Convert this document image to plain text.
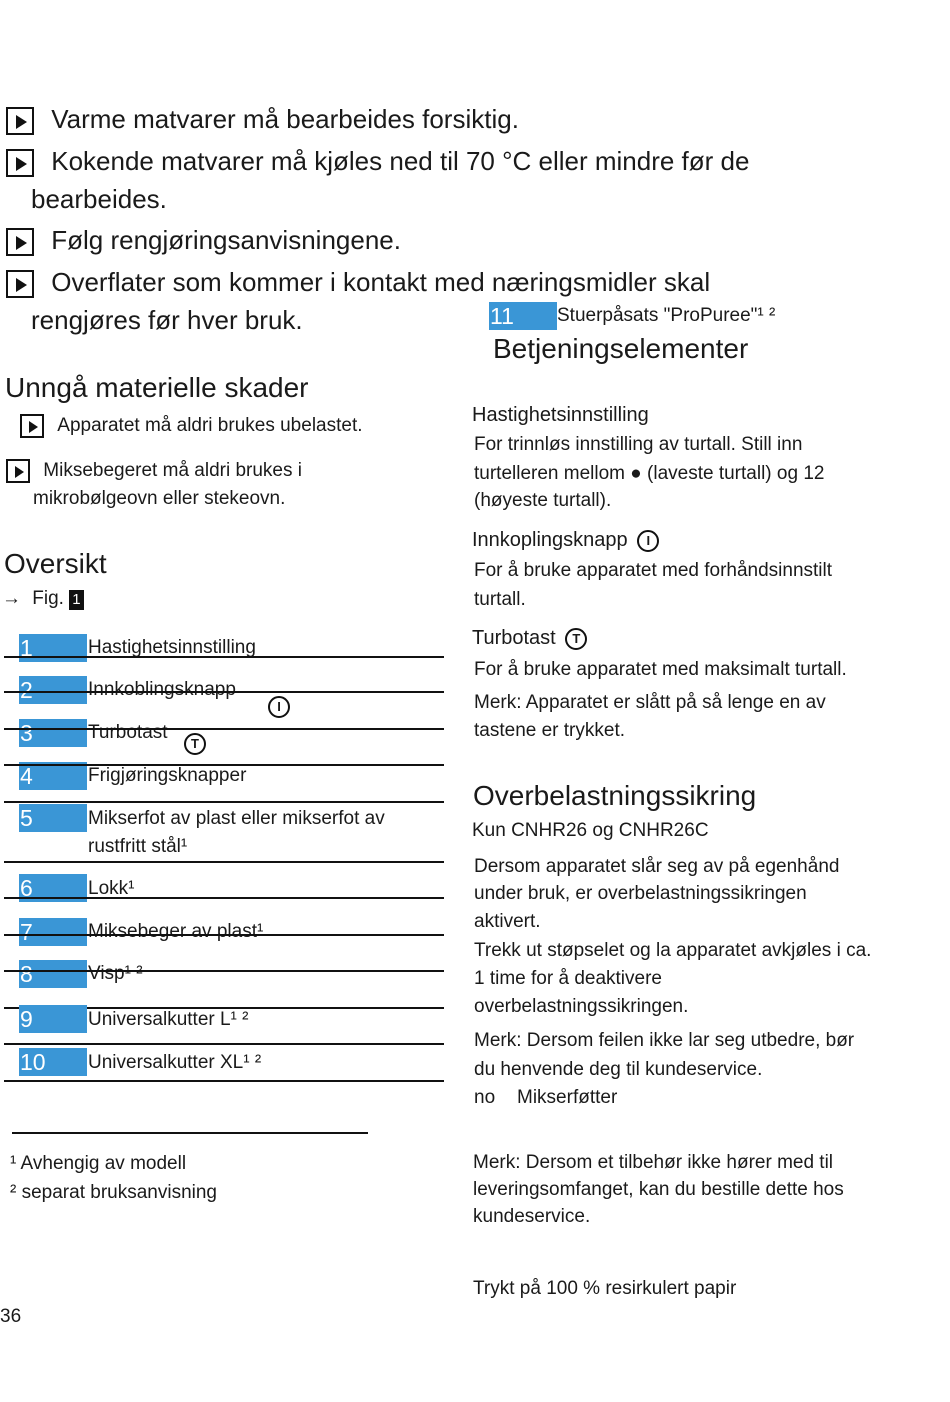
Varme matvarer må bearbeides forsiktig.
Kokende matvarer må kjøles ned til 70 °C eller mindre før de
bearbeides.
Følg rengjøringsanvisningene.
Overflater som kommer i kontakt med næringsmidler skal
rengjøres før hver bruk.	11	Stuerpåsats "ProPuree"¹ ²
Betjeningselementer
Unngå materielle skader
Apparatet må aldri brukes ubelastet.
Miksebegeret må aldri brukes i
mikrobølgeovn eller stekeovn.
Oversikt
→ Fig. 1
1	Hastighetsinnstilling
2	Innkoblingsknapp
I
3	Turbotast
T
4	Frigjøringsknapper
5	Mikserfot av plast eller mikserfot av
rustfritt stål¹
6	Lokk¹
7	Miksebeger av plast¹
8	Visp¹ ²
9	Universalkutter L¹ ²
10	Universalkutter XL¹ ²
¹ Avhengig av modell
² separat bruksanvisning
36
Hastighetsinnstilling
For trinnløs innstilling av turtall. Still inn
turtelleren mellom ● (laveste turtall) og 12
(høyeste turtall).
Innkoplingsknapp I
For å bruke apparatet med forhåndsinnstilt
turtall.
Turbotast T
For å bruke apparatet med maksimalt turtall.
Merk: Apparatet er slått på så lenge en av
tastene er trykket.
Overbelastningssikring
Kun CNHR26 og CNHR26C
Dersom apparatet slår seg av på egenhånd
under bruk, er overbelastningssikringen
aktivert.
Trekk ut støpselet og la apparatet avkjøles i ca.
1 time for å deaktivere
overbelastningssikringen.
Merk: Dersom feilen ikke lar seg utbedre, bør
du henvende deg til kundeservice.
no Mikserføtter
Merk: Dersom et tilbehør ikke hører med til
leveringsomfanget, kan du bestille dette hos
kundeservice.
Trykt på 100 % resirkulert papir
